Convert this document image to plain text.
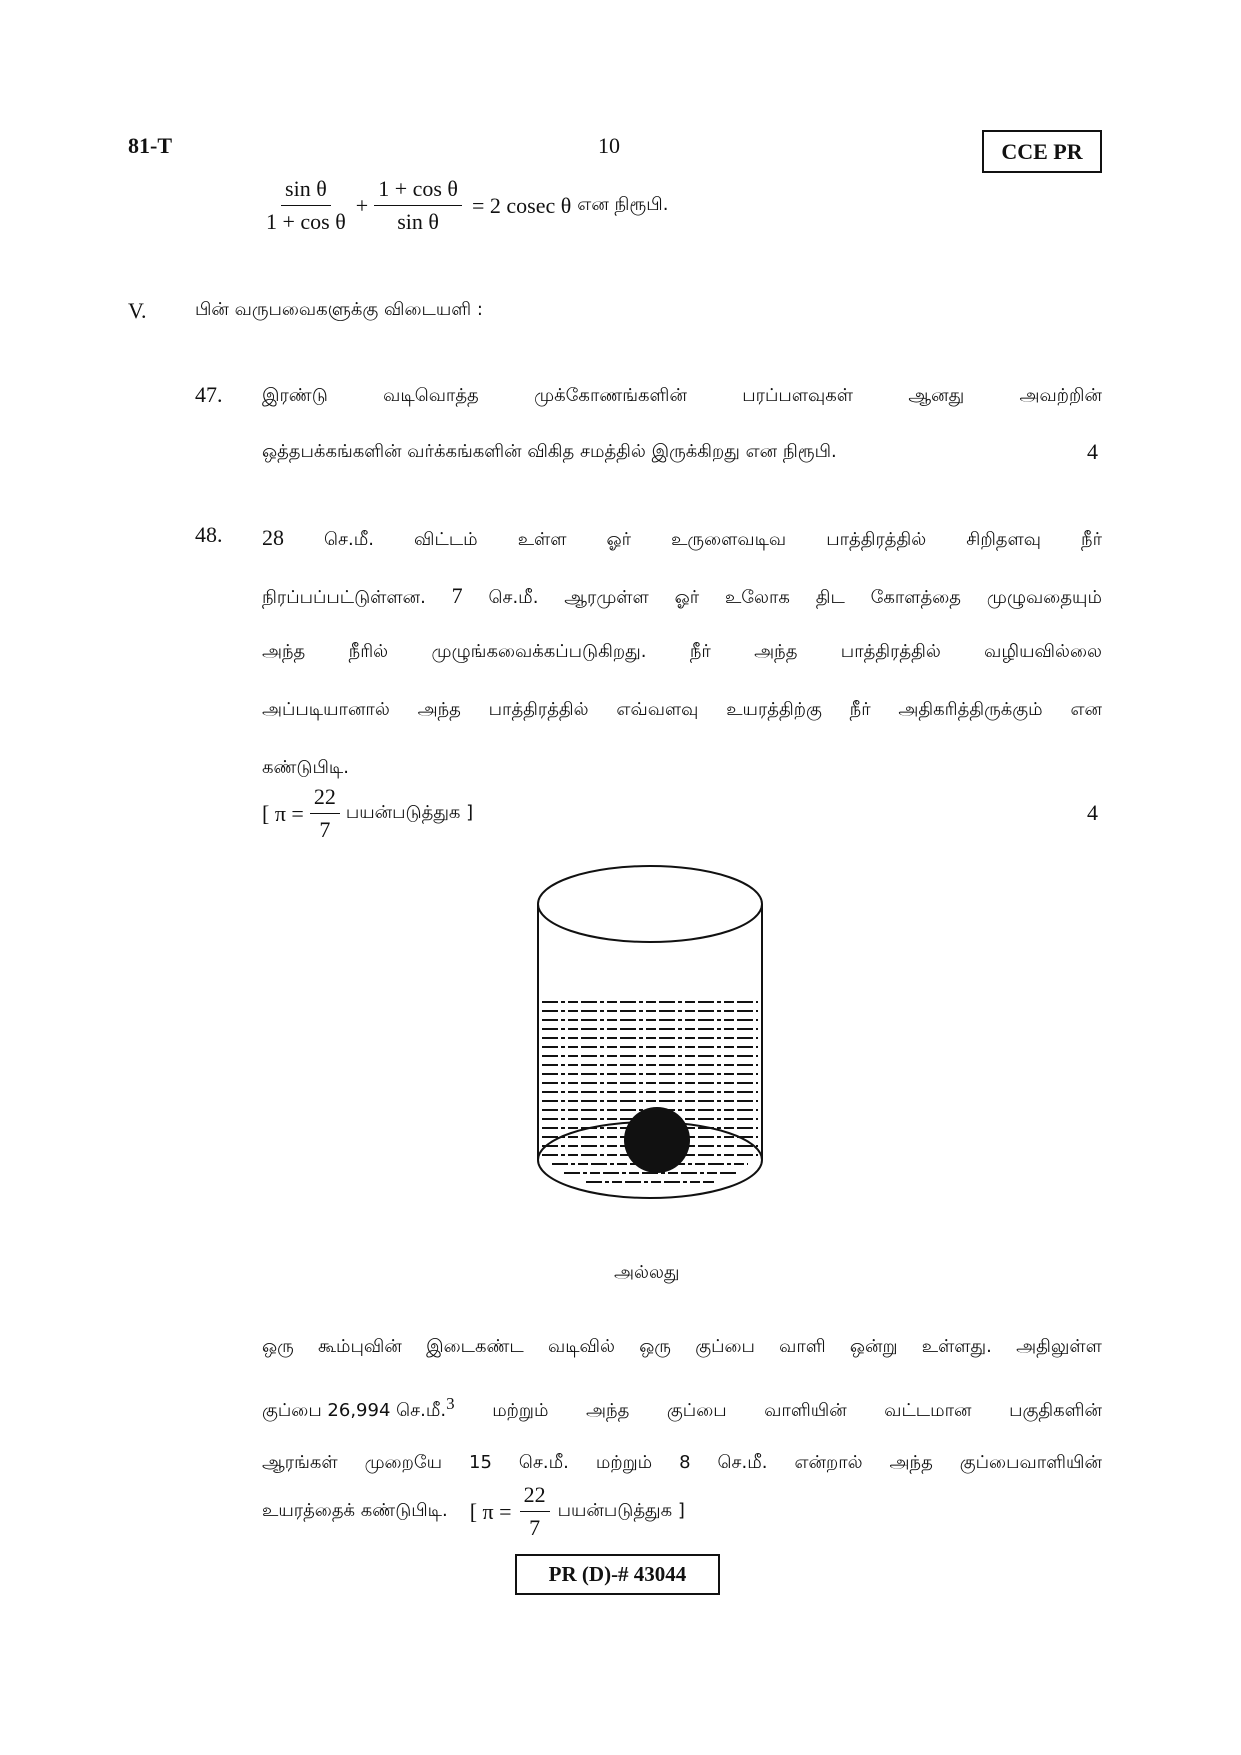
81-T	10	CCE PR
$\frac{\text{sin θ}}{\text{1 + cos θ}} + \frac{\text{1 + cos θ}}{\text{sin θ}} = 2$ cosec θ என நிரூபி.
V.	பின் வருபவைகளுக்கு விடையளி :
47. இரண்டு	வடிவொத்த	முக்கோணங்களின்	பரப்பளவுகள்	ஆனது	அவற்றின்
ஒத்தபக்கங்களின் வர்க்கங்களின் விகித சமத்தில் இருக்கிறது என நிரூபி.	4
48. 28 செ.மீ. விட்டம் உள்ள ஓர் உருளைவடிவ பாத்திரத்தில் சிறிதளவு நீர்
நிரப்பப்பட்டுள்ளன. 7 செ.மீ. ஆரமுள்ள ஓர் உலோக திட கோளத்தை முழுவதையும்
அந்த நீரில் முழுங்கவைக்கப்படுகிறது. நீர் அந்த பாத்திரத்தில் வழியவில்லை
அப்படியானால் அந்த பாத்திரத்தில் எவ்வளவு உயரத்திற்கு நீர் அதிகரித்திருக்கும் என
கண்டுபிடி.
[ $\pi = \frac{22}{7}$ பயன்படுத்துக ]	4
அல்லது
ஒரு கூம்புவின் இடைகண்ட வடிவில் ஒரு குப்பை வாளி ஒன்று உள்ளது. அதிலுள்ள
குப்பை 26,994 செ.மீ.$^3$ மற்றும் அந்த குப்பை வாளியின் வட்டமான பகுதிகளின்
ஆரங்கள் முறையே 15 செ.மீ. மற்றும் 8 செ.மீ. என்றால் அந்த குப்பைவாளியின்
உயரத்தைக் கண்டுபிடி. [ $\pi = \frac{22}{7}$ பயன்படுத்துக ]
PR (D)-# 43044
